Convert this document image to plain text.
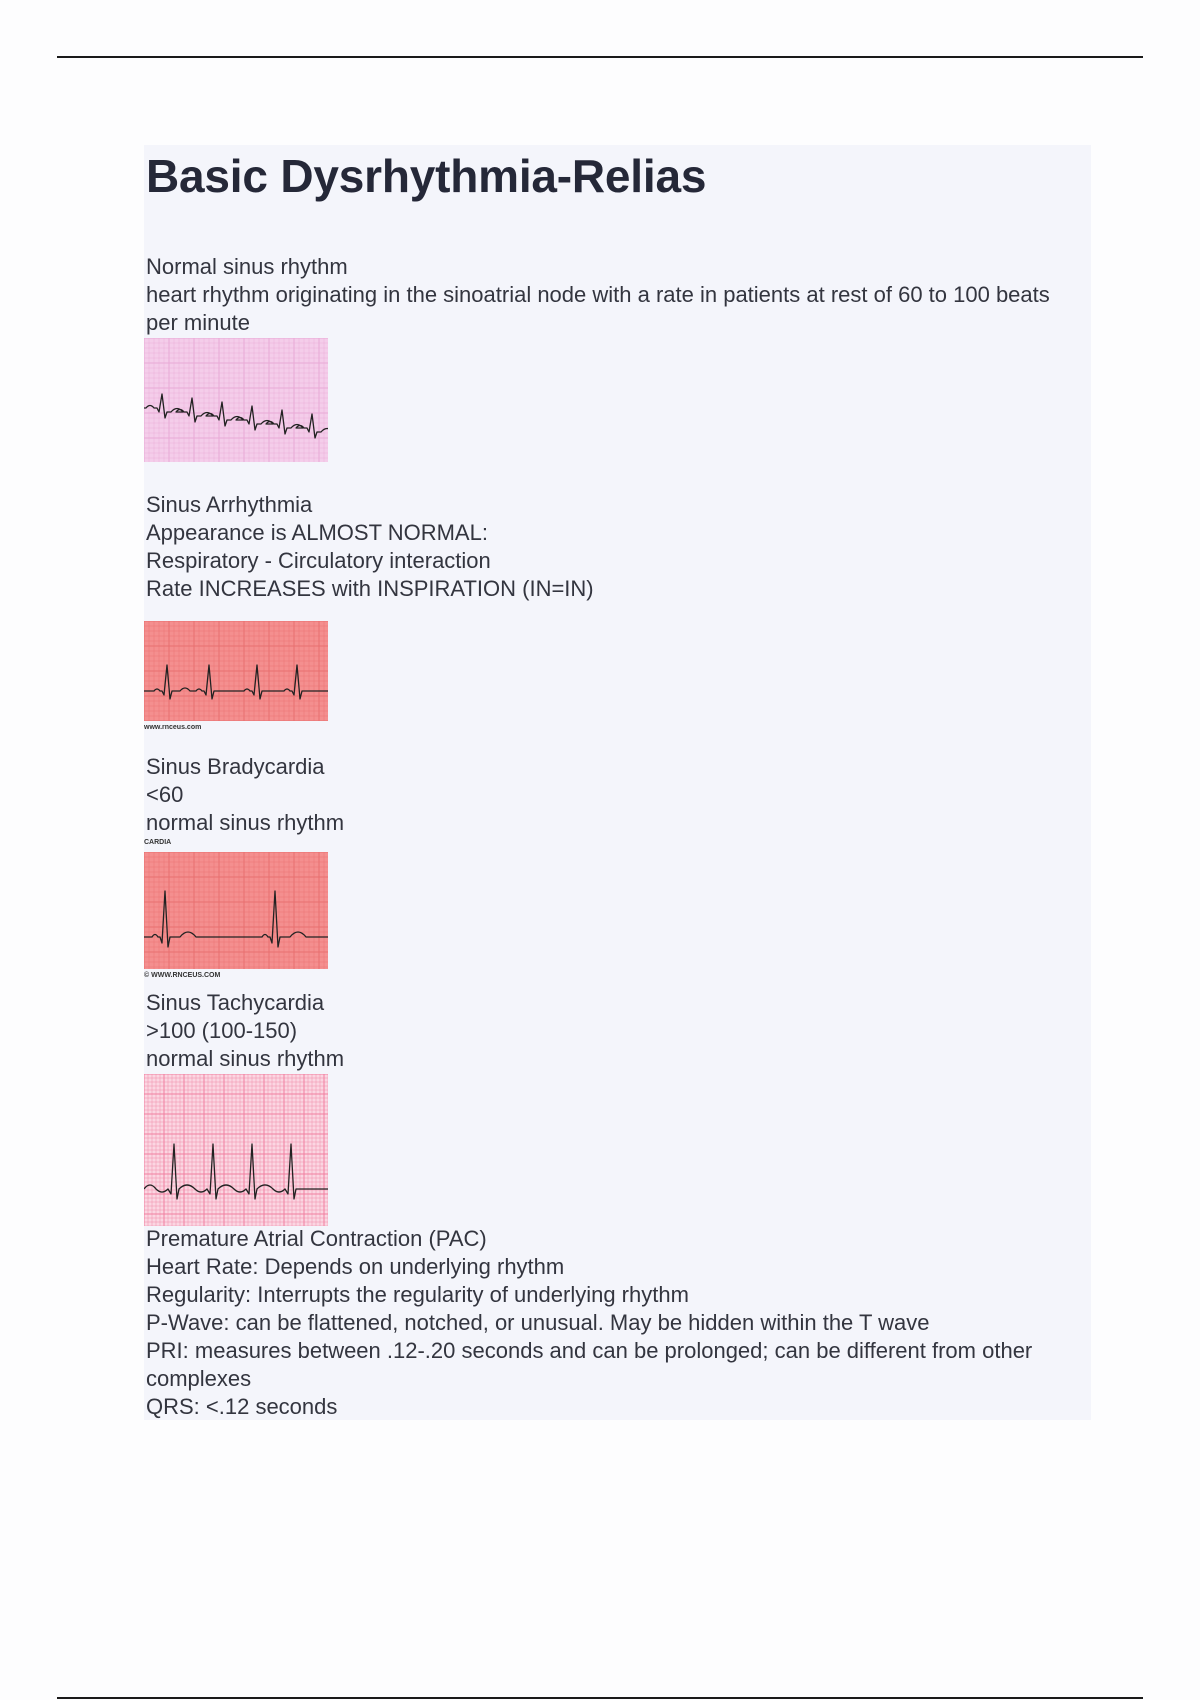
Basic Dysrhythmia-Relias
Normal sinus rhythm
heart rhythm originating in the sinoatrial node with a rate in patients at rest of 60 to 100 beats per minute
Sinus Arrhythmia
Appearance is ALMOST NORMAL:
Respiratory - Circulatory interaction
Rate INCREASES with INSPIRATION (IN=IN)
www.rnceus.com
Sinus Bradycardia
<60
normal sinus rhythm
CARDIA
© WWW.RNCEUS.COM
Sinus Tachycardia
>100 (100-150)
normal sinus rhythm
Premature Atrial Contraction (PAC)
Heart Rate: Depends on underlying rhythm
Regularity: Interrupts the regularity of underlying rhythm
P-Wave: can be flattened, notched, or unusual. May be hidden within the T wave
PRI: measures between .12-.20 seconds and can be prolonged; can be different from other complexes
QRS: <.12 seconds
